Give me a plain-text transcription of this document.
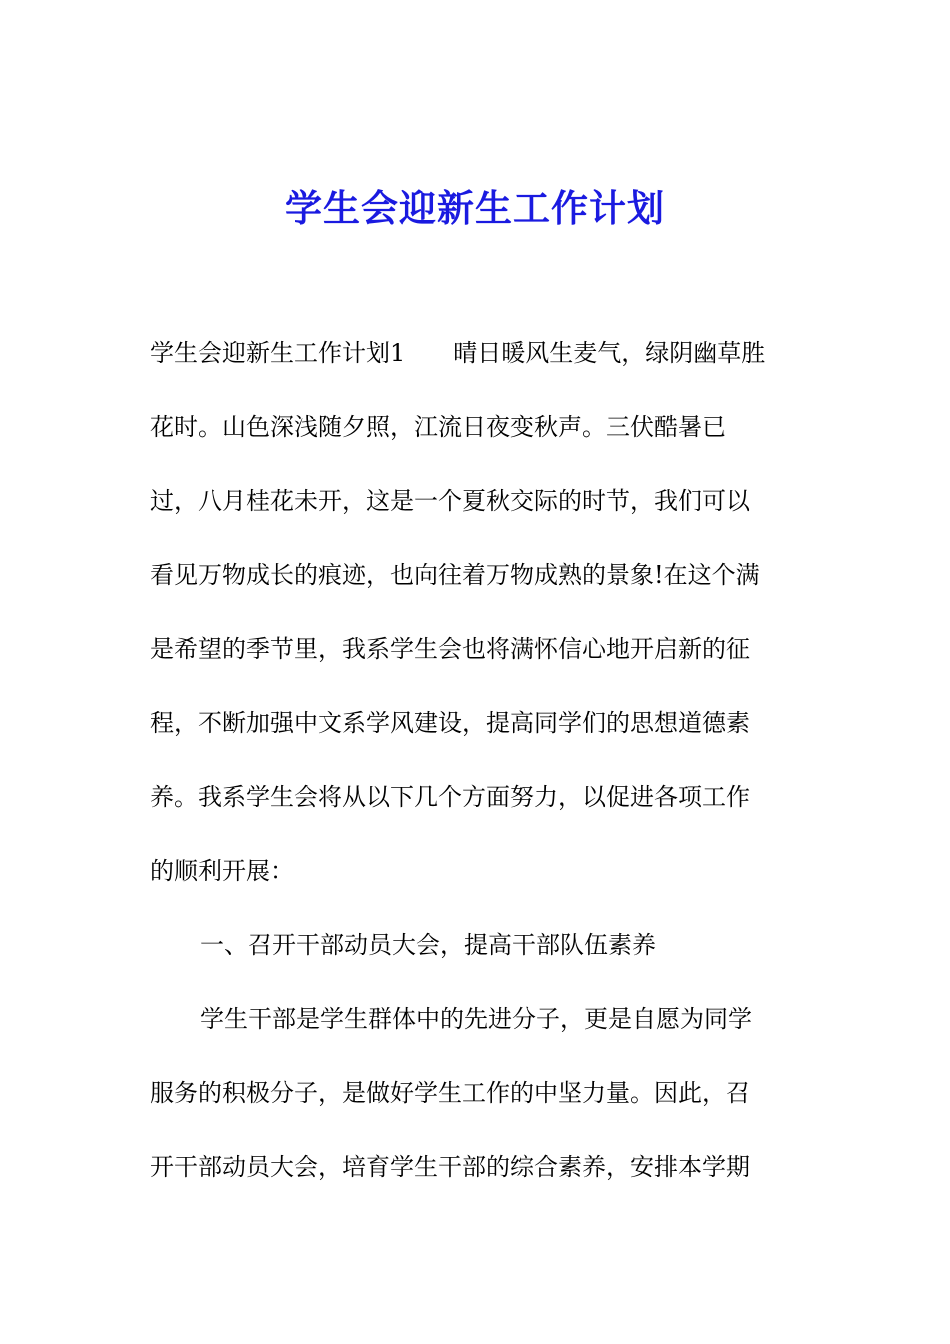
学生会迎新生工作计划
学生会迎新生工作计划1　　晴日暖风生麦气，绿阴幽草胜
花时。山色深浅随夕照，江流日夜变秋声。三伏酷暑已
过，八月桂花未开，这是一个夏秋交际的时节，我们可以
看见万物成长的痕迹，也向往着万物成熟的景象!在这个满
是希望的季节里，我系学生会也将满怀信心地开启新的征
程，不断加强中文系学风建设，提高同学们的思想道德素
养。我系学生会将从以下几个方面努力，以促进各项工作
的顺利开展：
一、召开干部动员大会，提高干部队伍素养
学生干部是学生群体中的先进分子，更是自愿为同学
服务的积极分子，是做好学生工作的中坚力量。因此，召
开干部动员大会，培育学生干部的综合素养，安排本学期
